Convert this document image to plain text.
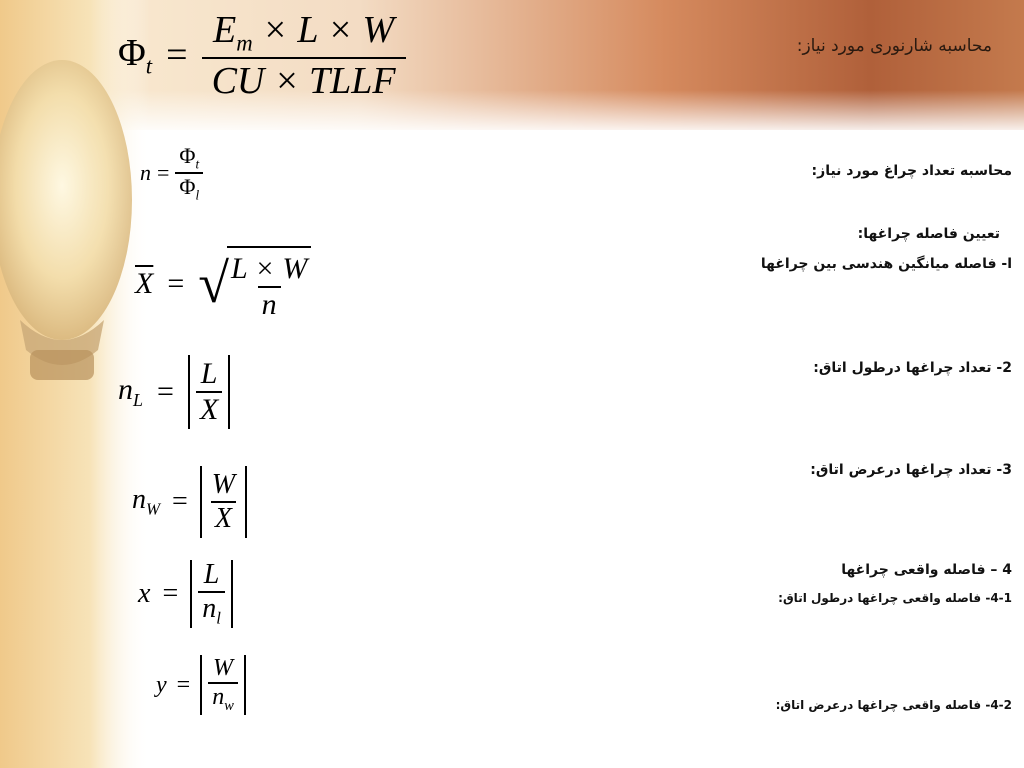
محاسبه شارنوری مورد نیاز:
محاسبه تعداد چراغ مورد نیاز:
تعیین فاصله چراغها:
ا- فاصله میانگین هندسی بین چراغها
2- تعداد چراغها درطول اتاق:
3- تعداد چراغها درعرض اتاق:
4 – فاصله واقعی چراغها
4-1- فاصله واقعی چراغها درطول اتاق:
4-2- فاصله واقعی چراغها درعرض اتاق:
$\Phi_t = \frac{E_m \times L \times W}{\text{CU × TLLF}}$
$n = \frac{\Phi_t}{\Phi_l}$
$\overline{X}$ = √
$\frac{L \times W}{n}$
$n_L = \frac{L}{X}$
$n_W = \frac{W}{X}$
$x = \frac{L}{n_l}$
$y = \frac{W}{n_w}$
